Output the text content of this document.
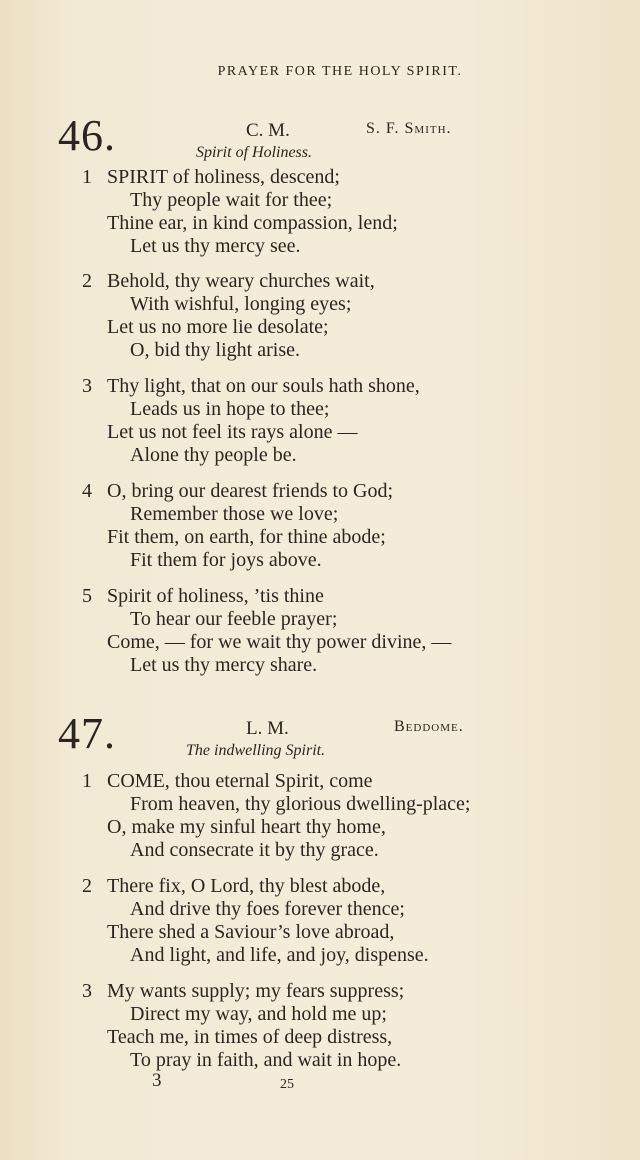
PRAYER FOR THE HOLY SPIRIT.
46.	C. M.	S. F. Smith.
Spirit of Holiness.
1 SPIRIT of holiness, descend;
Thy people wait for thee;
Thine ear, in kind compassion, lend;
Let us thy mercy see.
2 Behold, thy weary churches wait,
With wishful, longing eyes;
Let us no more lie desolate;
O, bid thy light arise.
3 Thy light, that on our souls hath shone,
Leads us in hope to thee;
Let us not feel its rays alone —
Alone thy people be.
4 O, bring our dearest friends to God;
Remember those we love;
Fit them, on earth, for thine abode;
Fit them for joys above.
5 Spirit of holiness, ’tis thine
To hear our feeble prayer;
Come, — for we wait thy power divine, —
Let us thy mercy share.
47.	L. M.	Beddome.
The indwelling Spirit.
1 COME, thou eternal Spirit, come
From heaven, thy glorious dwelling-place;
O, make my sinful heart thy home,
And consecrate it by thy grace.
2 There fix, O Lord, thy blest abode,
And drive thy foes forever thence;
There shed a Saviour’s love abroad,
And light, and life, and joy, dispense.
3 My wants supply; my fears suppress;
Direct my way, and hold me up;
Teach me, in times of deep distress,
To pray in faith, and wait in hope.
3	25
